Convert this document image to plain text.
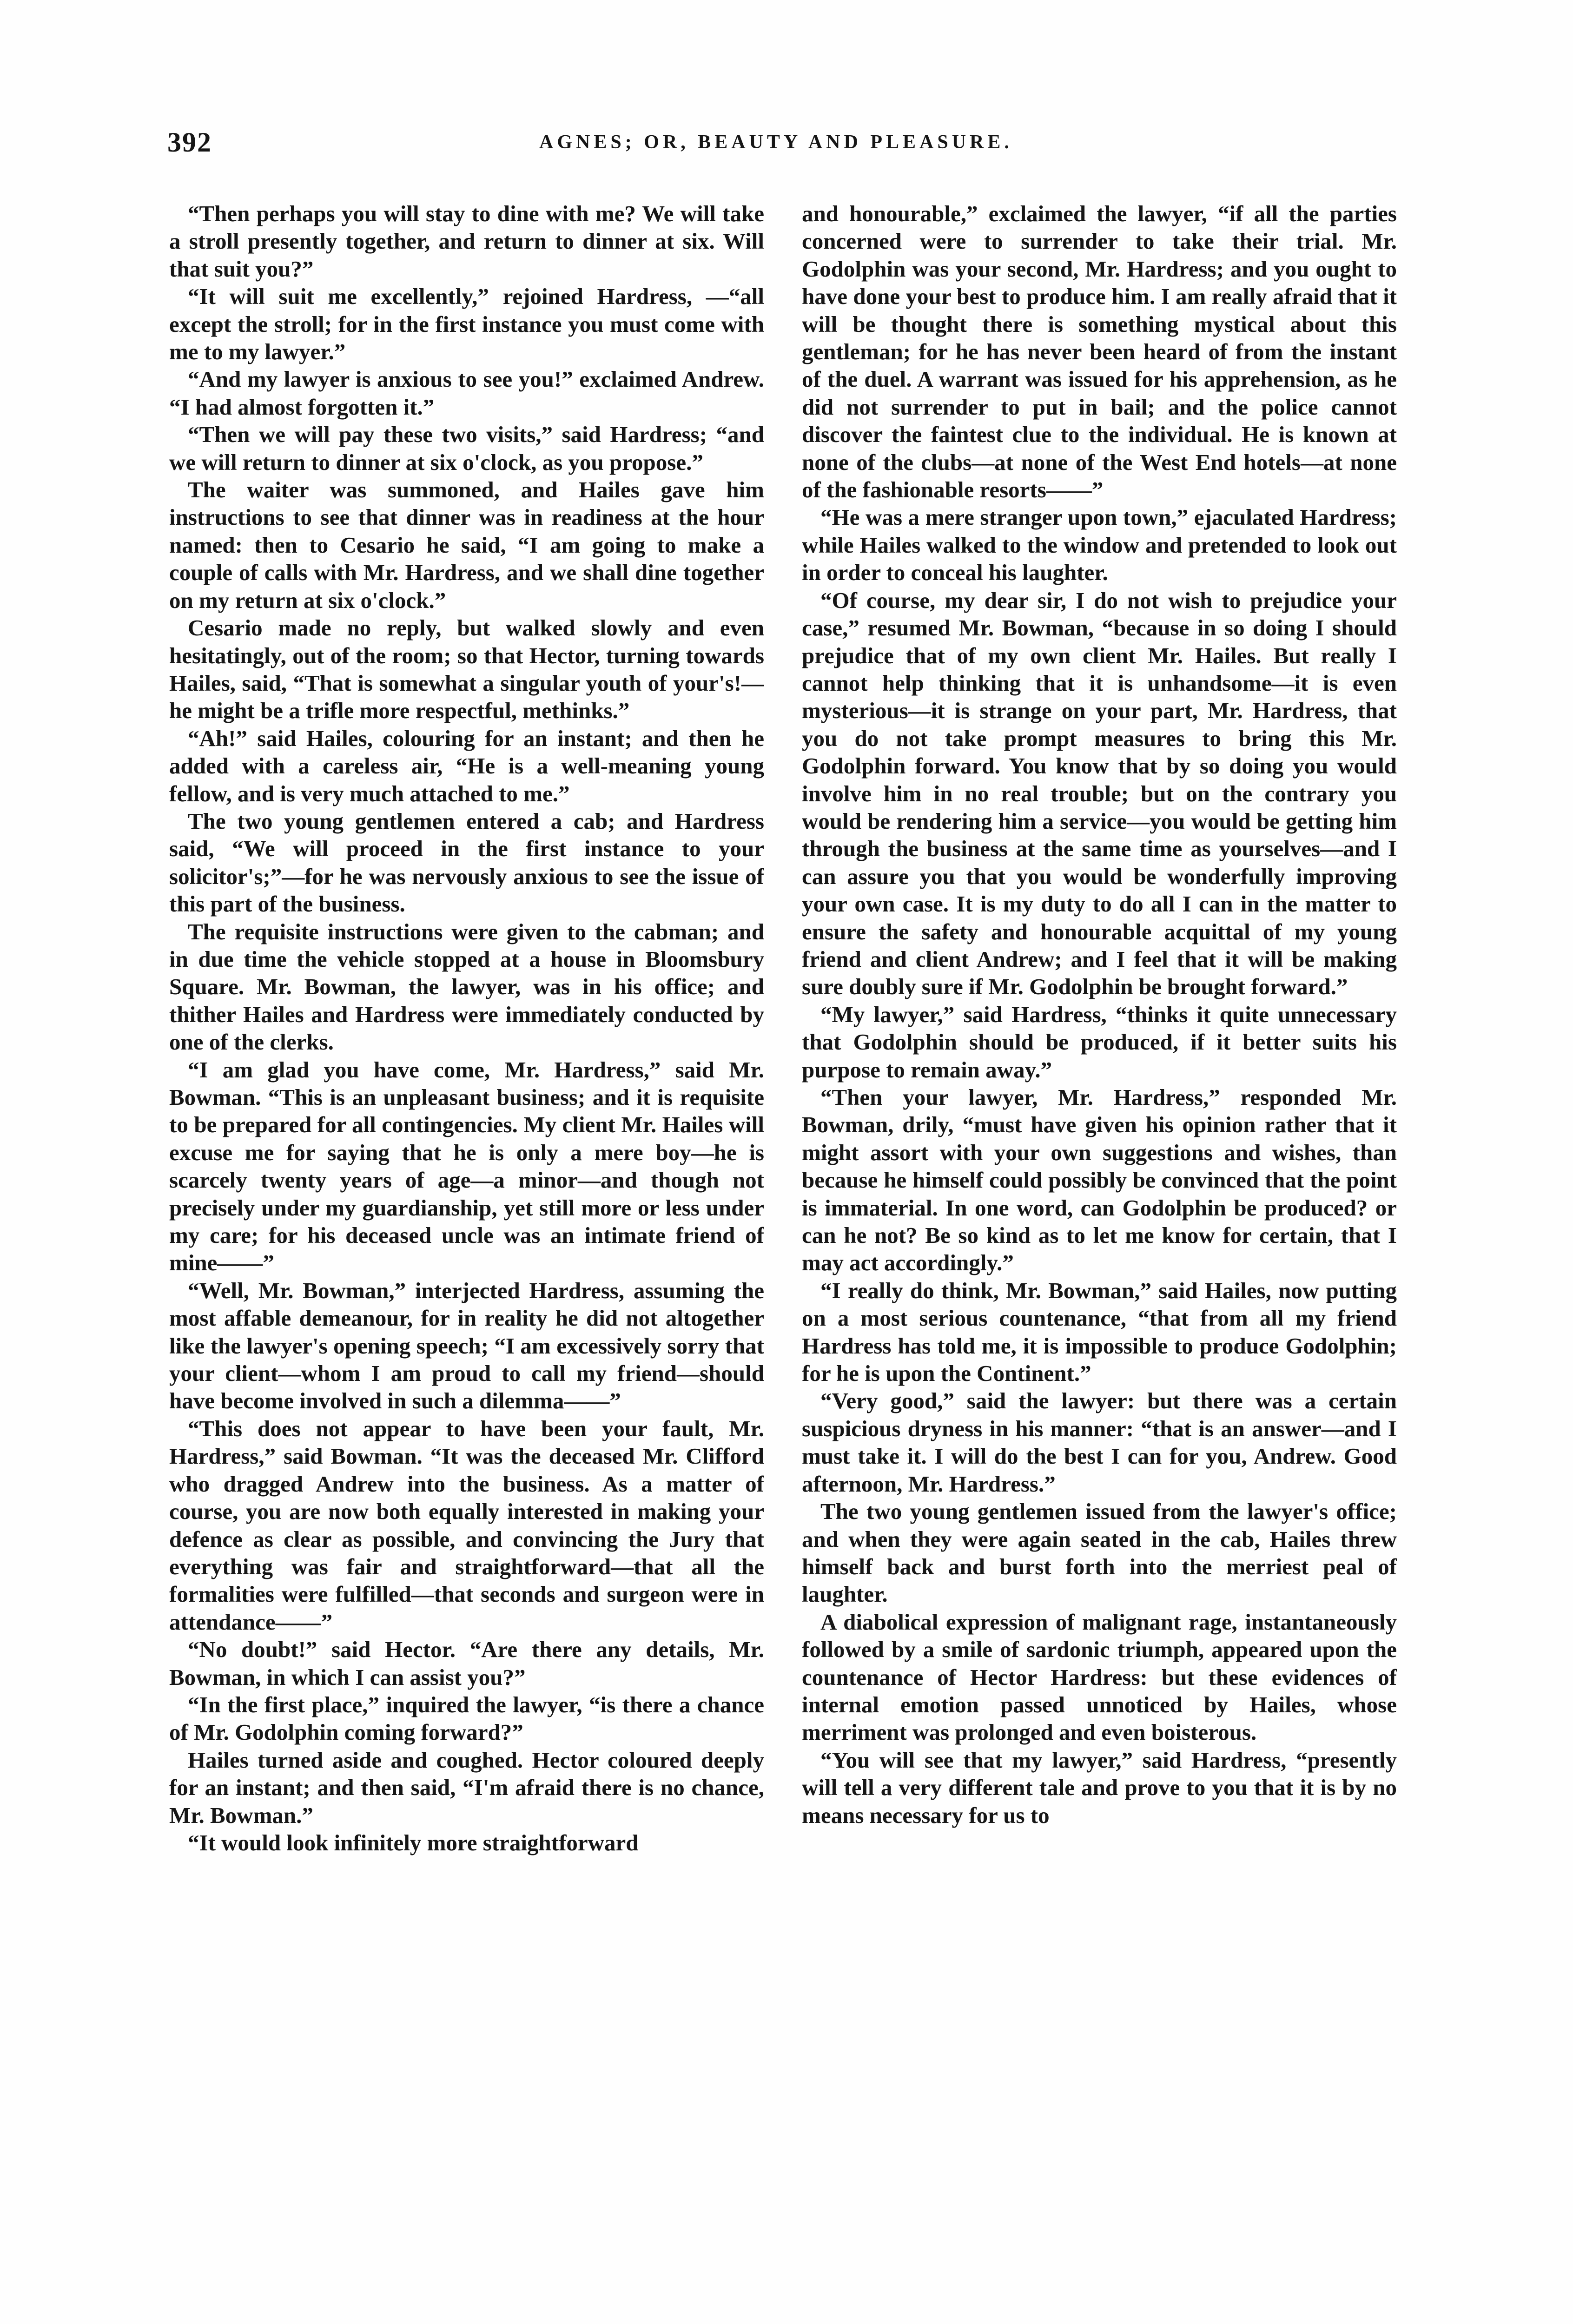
392	AGNES; OR, BEAUTY AND PLEASURE.

“Then perhaps you will stay to dine with me? We will take a stroll presently together, and return to dinner at six. Will that suit you?”

“It will suit me excellently,” rejoined Hardress, —“all except the stroll; for in the first instance you must come with me to my lawyer.”

“And my lawyer is anxious to see you!” exclaimed Andrew. “I had almost forgotten it.”

“Then we will pay these two visits,” said Hardress; “and we will return to dinner at six o'clock, as you propose.”

The waiter was summoned, and Hailes gave him instructions to see that dinner was in readiness at the hour named: then to Cesario he said, “I am going to make a couple of calls with Mr. Hardress, and we shall dine together on my return at six o'clock.”

Cesario made no reply, but walked slowly and even hesitatingly, out of the room; so that Hector, turning towards Hailes, said, “That is somewhat a singular youth of your's!—he might be a trifle more respectful, methinks.”

“Ah!” said Hailes, colouring for an instant; and then he added with a careless air, “He is a well-meaning young fellow, and is very much attached to me.”

The two young gentlemen entered a cab; and Hardress said, “We will proceed in the first instance to your solicitor's;”—for he was nervously anxious to see the issue of this part of the business.

The requisite instructions were given to the cabman; and in due time the vehicle stopped at a house in Bloomsbury Square. Mr. Bowman, the lawyer, was in his office; and thither Hailes and Hardress were immediately conducted by one of the clerks.

“I am glad you have come, Mr. Hardress,” said Mr. Bowman. “This is an unpleasant business; and it is requisite to be prepared for all contingencies. My client Mr. Hailes will excuse me for saying that he is only a mere boy—he is scarcely twenty years of age—a minor—and though not precisely under my guardianship, yet still more or less under my care; for his deceased uncle was an intimate friend of mine——”

“Well, Mr. Bowman,” interjected Hardress, assuming the most affable demeanour, for in reality he did not altogether like the lawyer's opening speech; “I am excessively sorry that your client—whom I am proud to call my friend—should have become involved in such a dilemma——”

“This does not appear to have been your fault, Mr. Hardress,” said Bowman. “It was the deceased Mr. Clifford who dragged Andrew into the business. As a matter of course, you are now both equally interested in making your defence as clear as possible, and convincing the Jury that everything was fair and straightforward—that all the formalities were fulfilled—that seconds and surgeon were in attendance——”

“No doubt!” said Hector. “Are there any details, Mr. Bowman, in which I can assist you?”

“In the first place,” inquired the lawyer, “is there a chance of Mr. Godolphin coming forward?”

Hailes turned aside and coughed. Hector coloured deeply for an instant; and then said, “I'm afraid there is no chance, Mr. Bowman.”

“It would look infinitely more straightforward

and honourable,” exclaimed the lawyer, “if all the parties concerned were to surrender to take their trial. Mr. Godolphin was your second, Mr. Hardress; and you ought to have done your best to produce him. I am really afraid that it will be thought there is something mystical about this gentleman; for he has never been heard of from the instant of the duel. A warrant was issued for his apprehension, as he did not surrender to put in bail; and the police cannot discover the faintest clue to the individual. He is known at none of the clubs—at none of the West End hotels—at none of the fashionable resorts——”

“He was a mere stranger upon town,” ejaculated Hardress; while Hailes walked to the window and pretended to look out in order to conceal his laughter.

“Of course, my dear sir, I do not wish to prejudice your case,” resumed Mr. Bowman, “because in so doing I should prejudice that of my own client Mr. Hailes. But really I cannot help thinking that it is unhandsome—it is even mysterious—it is strange on your part, Mr. Hardress, that you do not take prompt measures to bring this Mr. Godolphin forward. You know that by so doing you would involve him in no real trouble; but on the contrary you would be rendering him a service—you would be getting him through the business at the same time as yourselves—and I can assure you that you would be wonderfully improving your own case. It is my duty to do all I can in the matter to ensure the safety and honourable acquittal of my young friend and client Andrew; and I feel that it will be making sure doubly sure if Mr. Godolphin be brought forward.”

“My lawyer,” said Hardress, “thinks it quite unnecessary that Godolphin should be produced, if it better suits his purpose to remain away.”

“Then your lawyer, Mr. Hardress,” responded Mr. Bowman, drily, “must have given his opinion rather that it might assort with your own suggestions and wishes, than because he himself could possibly be convinced that the point is immaterial. In one word, can Godolphin be produced? or can he not? Be so kind as to let me know for certain, that I may act accordingly.”

“I really do think, Mr. Bowman,” said Hailes, now putting on a most serious countenance, “that from all my friend Hardress has told me, it is impossible to produce Godolphin; for he is upon the Continent.”

“Very good,” said the lawyer: but there was a certain suspicious dryness in his manner: “that is an answer—and I must take it. I will do the best I can for you, Andrew. Good afternoon, Mr. Hardress.”

The two young gentlemen issued from the lawyer's office; and when they were again seated in the cab, Hailes threw himself back and burst forth into the merriest peal of laughter.

A diabolical expression of malignant rage, instantaneously followed by a smile of sardonic triumph, appeared upon the countenance of Hector Hardress: but these evidences of internal emotion passed unnoticed by Hailes, whose merriment was prolonged and even boisterous.

“You will see that my lawyer,” said Hardress, “presently will tell a very different tale and prove to you that it is by no means necessary for us to
